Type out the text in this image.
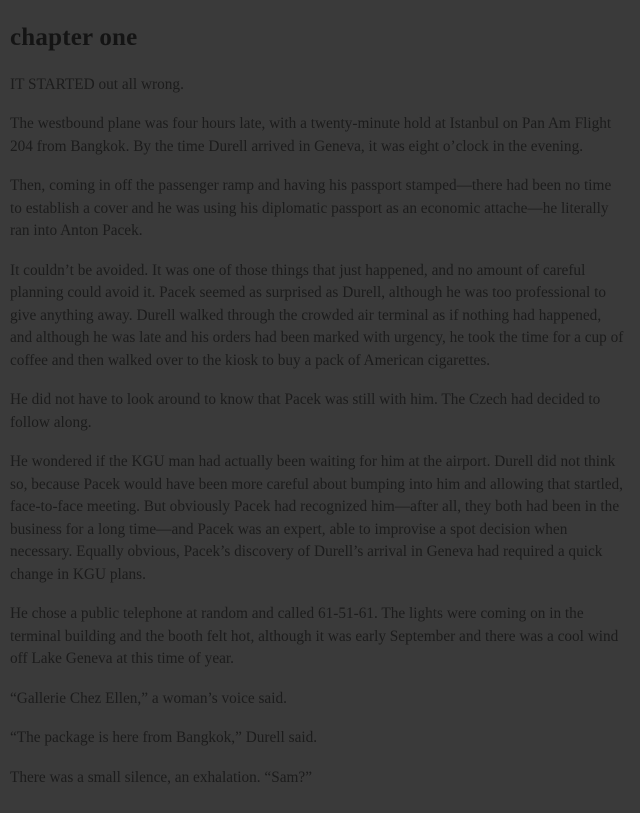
chapter one

IT STARTED out all wrong.

The westbound plane was four hours late, with a twenty-minute hold at Istanbul on Pan Am Flight 204 from Bangkok. By the time Durell arrived in Geneva, it was eight o’clock in the evening.

Then, coming in off the passenger ramp and having his passport stamped—there had been no time to establish a cover and he was using his diplomatic passport as an economic attache—he literally ran into Anton Pacek.

It couldn’t be avoided. It was one of those things that just happened, and no amount of careful planning could avoid it. Pacek seemed as surprised as Durell, although he was too professional to give anything away. Durell walked through the crowded air terminal as if nothing had happened, and although he was late and his orders had been marked with urgency, he took the time for a cup of coffee and then walked over to the kiosk to buy a pack of American cigarettes.

He did not have to look around to know that Pacek was still with him. The Czech had decided to follow along.

He wondered if the KGU man had actually been waiting for him at the airport. Durell did not think so, because Pacek would have been more careful about bumping into him and allowing that startled, face-to-face meeting. But obviously Pacek had recognized him—after all, they both had been in the business for a long time—and Pacek was an expert, able to improvise a spot decision when necessary. Equally obvious, Pacek’s discovery of Durell’s arrival in Geneva had required a quick change in KGU plans.

He chose a public telephone at random and called 61-51-61. The lights were coming on in the terminal building and the booth felt hot, although it was early September and there was a cool wind off Lake Geneva at this time of year.

“Gallerie Chez Ellen,” a woman’s voice said.

“The package is here from Bangkok,” Durell said.

There was a small silence, an exhalation. “Sam?”
